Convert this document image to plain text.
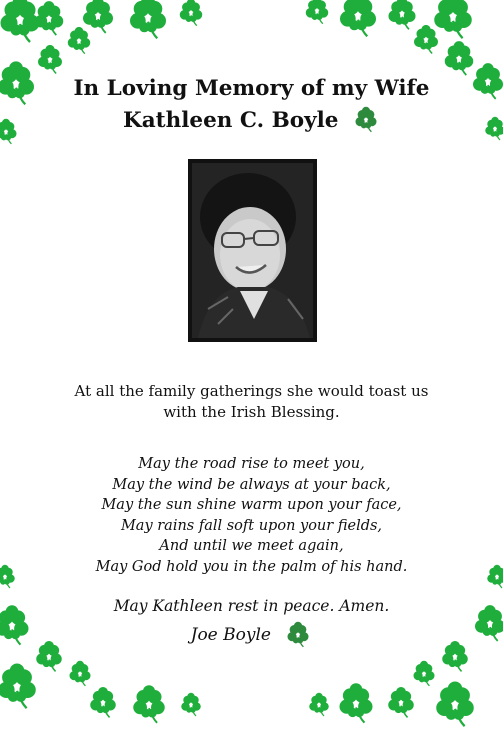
In Loving Memory of my Wife
Kathleen C. Boyle
At all the family gatherings she would toast us
with the Irish Blessing.
May the road rise to meet you,
May the wind be always at your back,
May the sun shine warm upon your face,
May rains fall soft upon your fields,
And until we meet again,
May God hold you in the palm of his hand.
May Kathleen rest in peace. Amen.
Joe Boyle
